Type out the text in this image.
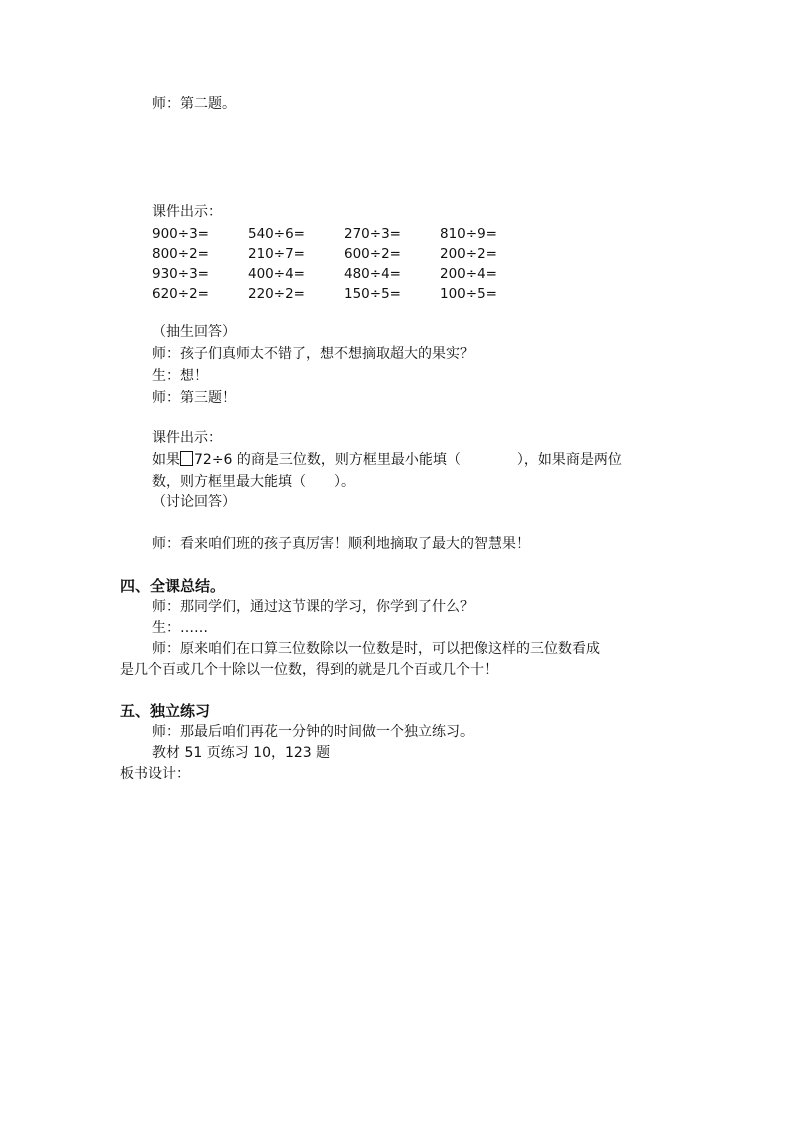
师：第二题。
课件出示：
900÷3=	540÷6=	270÷3=	810÷9=
800÷2=	210÷7=	600÷2=	200÷2=
930÷3=	400÷4=	480÷4=	200÷4=
620÷2=	220÷2=	150÷5=	100÷5=
（抽生回答）
师：孩子们真师太不错了，想不想摘取超大的果实？
生：想！
师：第三题！
课件出示：
如果 72÷6 的商是三位数，则方框里最小能填（　　　　），如果商是两位
数，则方框里最大能填（　　）。
（讨论回答）
师：看来咱们班的孩子真厉害！顺利地摘取了最大的智慧果！
四、全课总结。
师：那同学们，通过这节课的学习，你学到了什么？
生：……
师：原来咱们在口算三位数除以一位数是时，可以把像这样的三位数看成
是几个百或几个十除以一位数，得到的就是几个百或几个十！
五、独立练习
师：那最后咱们再花一分钟的时间做一个独立练习。
教材 51 页练习 10，123 题
板书设计：
